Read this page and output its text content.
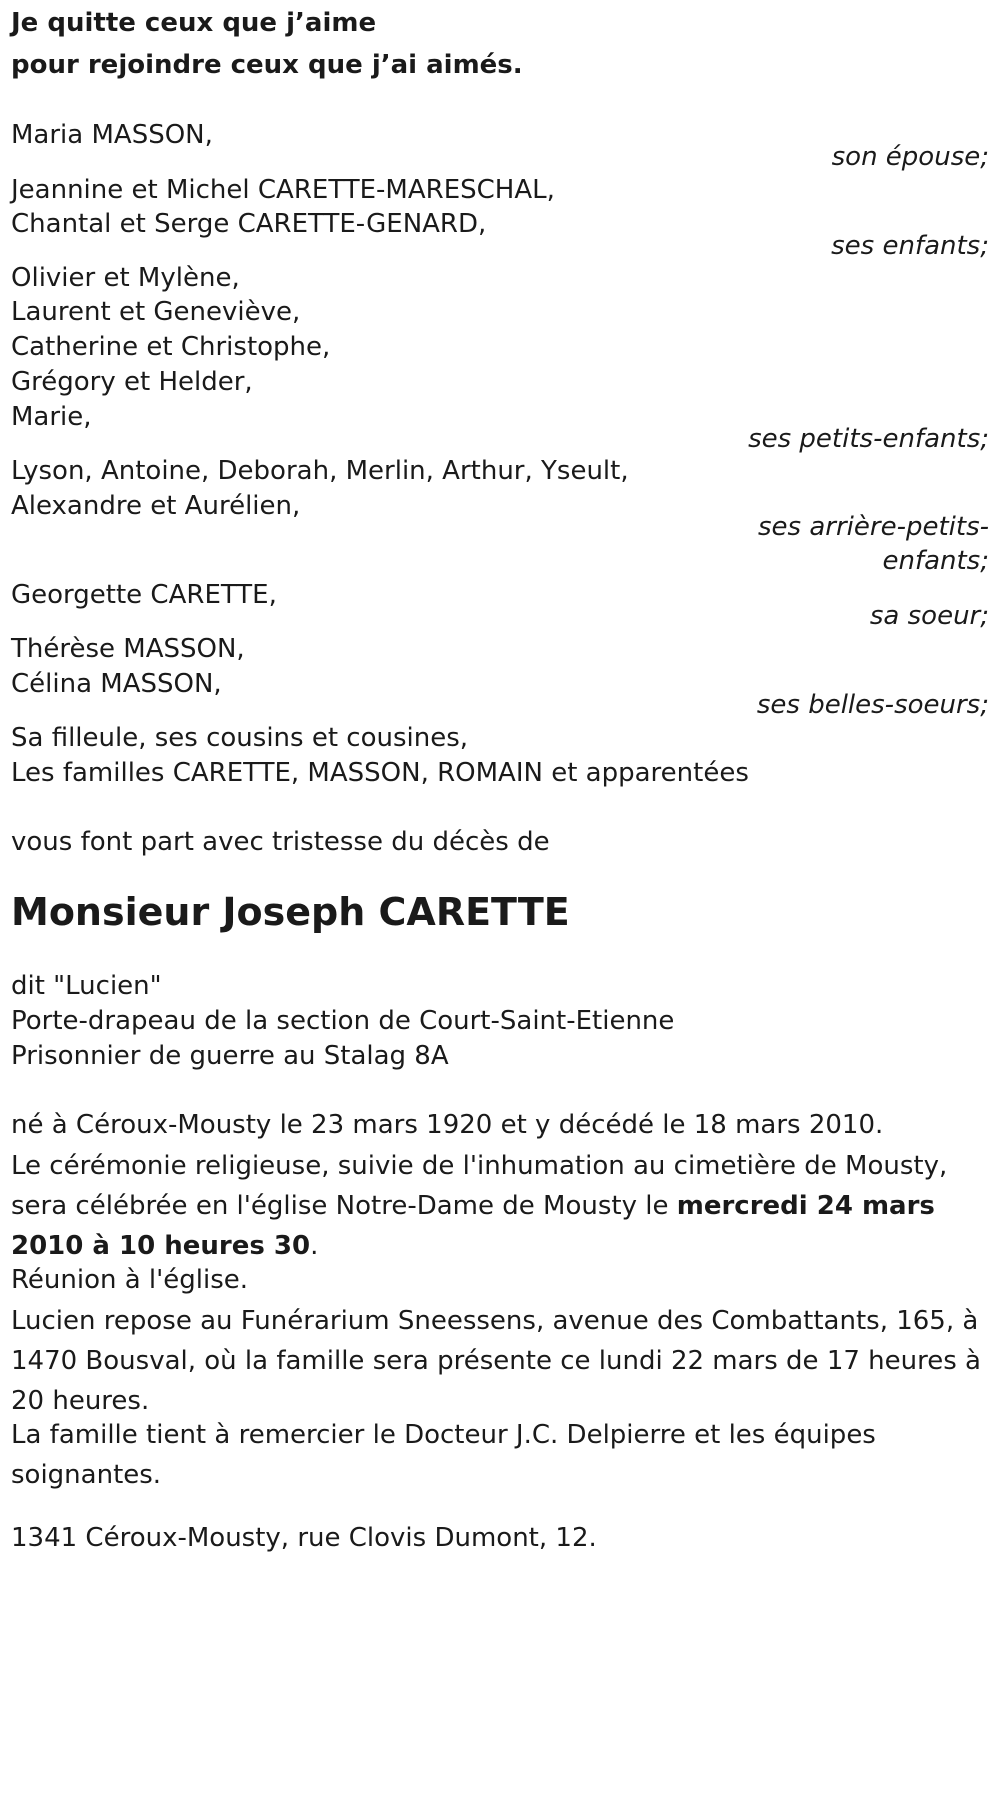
Je quitte ceux que j’aime

pour rejoindre ceux que j’ai aimés.

Maria MASSON,

son épouse;

Jeannine et Michel CARETTE-MARESCHAL,

Chantal et Serge CARETTE-GENARD,

ses enfants;

Olivier et Mylène,

Laurent et Geneviève,

Catherine et Christophe,

Grégory et Helder,

Marie,

ses petits-enfants;

Lyson, Antoine, Deborah, Merlin, Arthur, Yseult,

Alexandre et Aurélien,

ses arrière-petits-

enfants;

Georgette CARETTE,

sa soeur;

Thérèse MASSON,

Célina MASSON,

ses belles-soeurs;

Sa filleule, ses cousins et cousines,

Les familles CARETTE, MASSON, ROMAIN et apparentées

vous font part avec tristesse du décès de

Monsieur Joseph CARETTE

dit "Lucien"

Porte-drapeau de la section de Court-Saint-Etienne

Prisonnier de guerre au Stalag 8A

né à Céroux-Mousty le 23 mars 1920 et y décédé le 18 mars 2010.

Le cérémonie religieuse, suivie de l'inhumation au cimetière de Mousty, sera célébrée en l'église Notre-Dame de Mousty le mercredi 24 mars 2010 à 10 heures 30.

Réunion à l'église.

Lucien repose au Funérarium Sneessens, avenue des Combattants, 165, à 1470 Bousval, où la famille sera présente ce lundi 22 mars de 17 heures à 20 heures.

La famille tient à remercier le Docteur J.C. Delpierre et les équipes soignantes.

1341 Céroux-Mousty, rue Clovis Dumont, 12.
